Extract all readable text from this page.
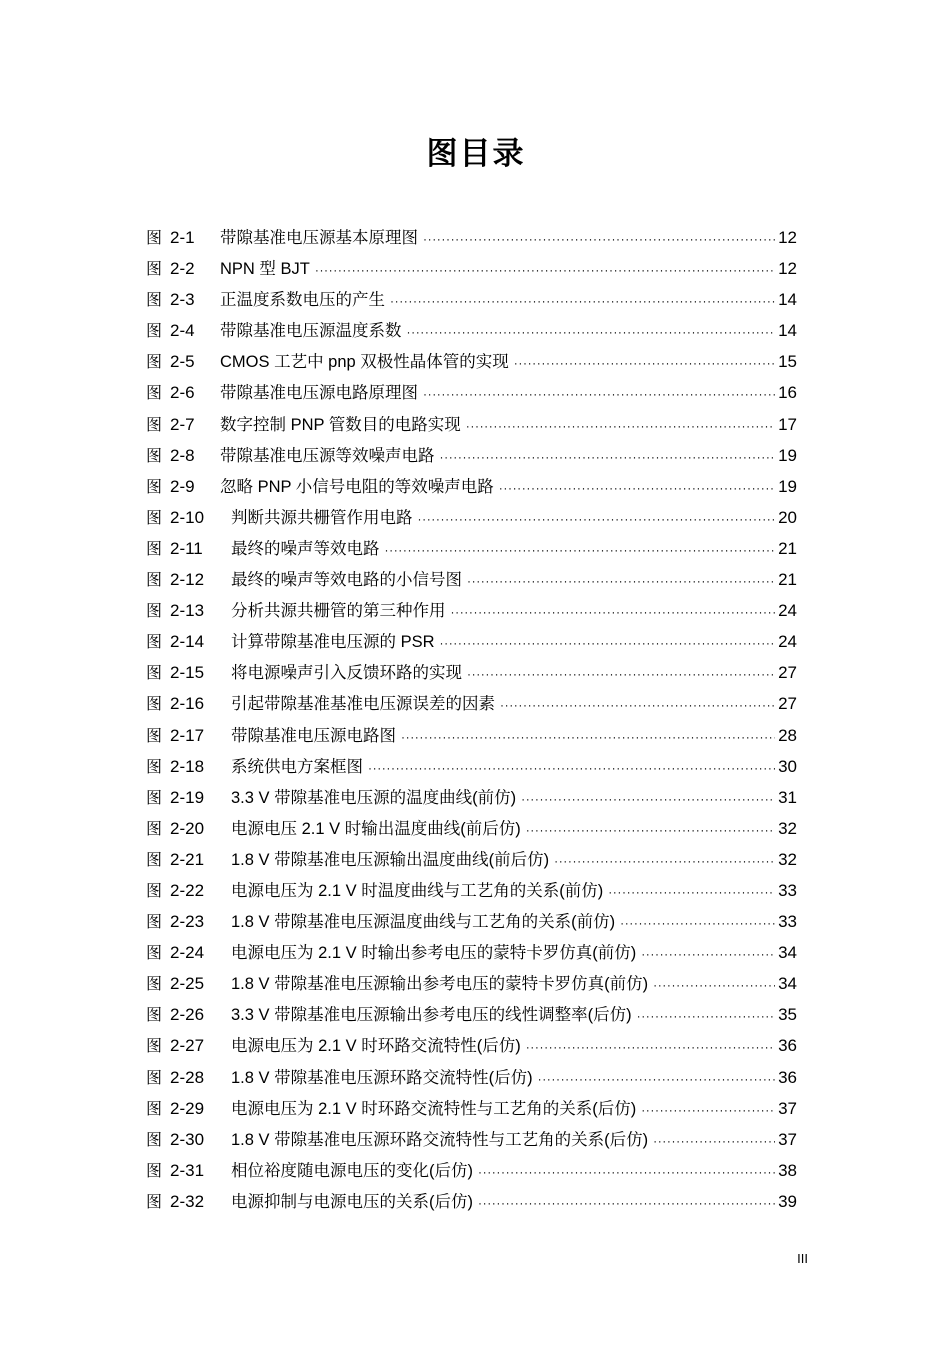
图目录
图 2-1	带隙基准电压源基本原理图 ·····	12
图 2-2	NPN 型 BJT ·····	12
图 2-3	正温度系数电压的产生 ·····	14
图 2-4	带隙基准电压源温度系数 ·····	14
图 2-5	CMOS 工艺中 pnp 双极性晶体管的实现 ·····	15
图 2-6	带隙基准电压源电路原理图 ·····	16
图 2-7	数字控制 PNP 管数目的电路实现 ·····	17
图 2-8	带隙基准电压源等效噪声电路 ·····	19
图 2-9	忽略 PNP 小信号电阻的等效噪声电路 ·····	19
图 2-10	判断共源共栅管作用电路 ·····	20
图 2-11	最终的噪声等效电路 ·····	21
图 2-12	最终的噪声等效电路的小信号图 ·····	21
图 2-13	分析共源共栅管的第三种作用 ·····	24
图 2-14	计算带隙基准电压源的 PSR ·····	24
图 2-15	将电源噪声引入反馈环路的实现 ·····	27
图 2-16	引起带隙基准基准电压源误差的因素 ·····	27
图 2-17	带隙基准电压源电路图 ·····	28
图 2-18	系统供电方案框图 ·····	30
图 2-19	3.3 V 带隙基准电压源的温度曲线(前仿) ·····	31
图 2-20	电源电压 2.1 V 时输出温度曲线(前后仿) ·····	32
图 2-21	1.8 V 带隙基准电压源输出温度曲线(前后仿) ·····	32
图 2-22	电源电压为 2.1 V 时温度曲线与工艺角的关系(前仿) ·····	33
图 2-23	1.8 V 带隙基准电压源温度曲线与工艺角的关系(前仿) ·····	33
图 2-24	电源电压为 2.1 V 时输出参考电压的蒙特卡罗仿真(前仿) ·····	34
图 2-25	1.8 V 带隙基准电压源输出参考电压的蒙特卡罗仿真(前仿) ·····	34
图 2-26	3.3 V 带隙基准电压源输出参考电压的线性调整率(后仿) ·····	35
图 2-27	电源电压为 2.1 V 时环路交流特性(后仿) ·····	36
图 2-28	1.8 V 带隙基准电压源环路交流特性(后仿) ·····	36
图 2-29	电源电压为 2.1 V 时环路交流特性与工艺角的关系(后仿) ·····	37
图 2-30	1.8 V 带隙基准电压源环路交流特性与工艺角的关系(后仿) ·····	37
图 2-31	相位裕度随电源电压的变化(后仿) ·····	38
图 2-32	电源抑制与电源电压的关系(后仿) ·····	39
III
